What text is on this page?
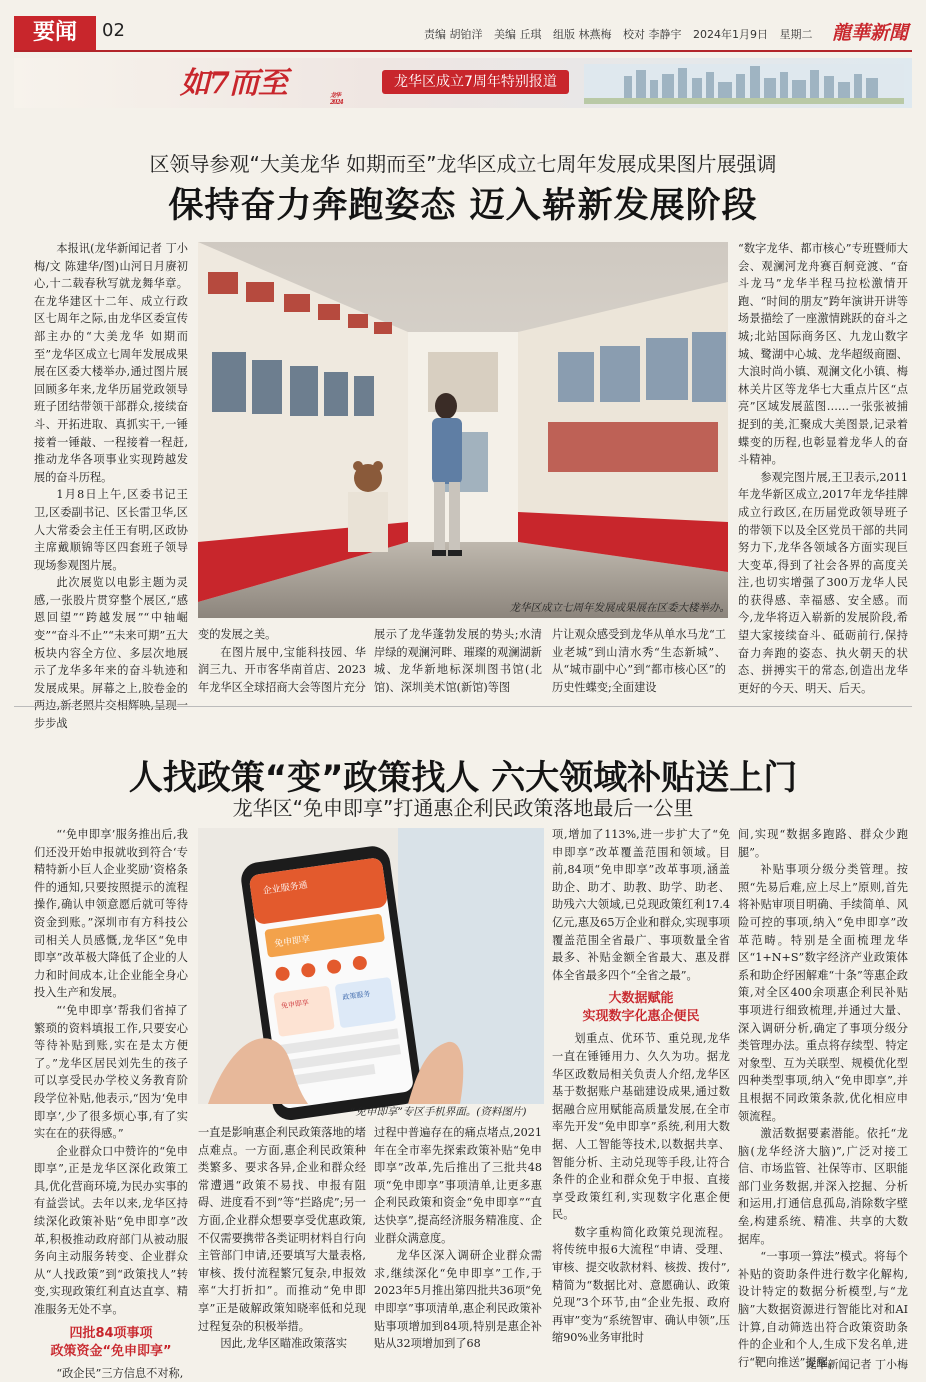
要闻	02	责编 胡铂洋 美编 丘琪 组版 林燕梅 校对 李静宇 2024年1月9日 星期二	龍華新聞
如7而至	龙华2024
龙华区成立7周年特别报道
区领导参观“大美龙华 如期而至”龙华区成立七周年发展成果图片展强调
保持奋力奔跑姿态 迈入崭新发展阶段

本报讯(龙华新闻记者 丁小梅/文 陈建华/图)山河日月赓初心,十二载春秋写就龙舞华章。在龙华建区十二年、成立行政区七周年之际,由龙华区委宣传部主办的“大美龙华 如期而至”龙华区成立七周年发展成果展在区委大楼举办,通过图片展回顾多年来,龙华历届党政领导班子团结带领干部群众,接续奋斗、开拓进取、真抓实干,一锤接着一锤敲、一程接着一程赶,推动龙华各项事业实现跨越发展的奋斗历程。

1月8日上午,区委书记王卫,区委副书记、区长雷卫华,区人大常委会主任王有明,区政协主席戴顺锦等区四套班子领导现场参观图片展。

此次展览以电影主题为灵感,一张股片贯穿整个展区,“感恩回望”“跨越发展”“中轴崛变”“奋斗不止”“未来可期”五大板块内容全方位、多层次地展示了龙华多年来的奋斗轨迹和发展成果。屏幕之上,胶卷金的两边,新老照片交相辉映,呈现一步步战

龙华区成立七周年发展成果展在区委大楼举办。

变的发展之美。

在图片展中,宝能科技园、华润三九、开市客华南首店、2023年龙华区全球招商大会等图片充分

展示了龙华蓬勃发展的势头;水清岸绿的观澜河畔、璀璨的观澜湖新城、龙华新地标深圳图书馆(北馆)、深圳美术馆(新馆)等图

片让观众感受到龙华从单水马龙“工业老城”到山清水秀“生态新城”、从“城市副中心”到“都市核心区”的历史性蝶变;全面建设

“数字龙华、都市核心”专班暨师大会、观澜河龙舟赛百舸竞渡、“奋斗龙马”龙华半程马拉松激情开跑、“时间的朋友”跨年演讲开讲等场景描绘了一座激情跳跃的奋斗之城;北站国际商务区、九龙山数字城、鹭湖中心城、龙华超级商圈、大浪时尚小镇、观澜文化小镇、梅林关片区等龙华七大重点片区“点亮”区域发展蓝图……一张张被捕捉到的美,汇聚成大美图景,记录着蝶变的历程,也彰显着龙华人的奋斗精神。

参观完图片展,王卫表示,2011年龙华新区成立,2017年龙华挂牌成立行政区,在历届党政领导班子的带领下以及全区党员干部的共同努力下,龙华各领域各方面实现巨大变革,得到了社会各界的高度关注,也切实增强了300万龙华人民的获得感、幸福感、安全感。而今,龙华将迈入崭新的发展阶段,希望大家接续奋斗、砥砺前行,保持奋力奔跑的姿态、执火朝天的状态、拼搏实干的常态,创造出龙华更好的今天、明天、后天。

人找政策“变”政策找人 六大领域补贴送上门
龙华区“免申即享”打通惠企利民政策落地最后一公里

“‘免申即享’服务推出后,我们还没开始申报就收到符合‘专精特新小巨人企业奖励’资格条件的通知,只要按照提示的流程操作,确认申领意愿后就可等待资金到账。”深圳市有方科技公司相关人员感慨,龙华区“免申即享”改革极大降低了企业的人力和时间成本,让企业能全身心投入生产和发展。

“‘免申即享’帮我们省掉了繁琐的资料填报工作,只要安心等待补贴到账,实在是太方便了。”龙华区居民刘先生的孩子可以享受民办学校义务教育阶段学位补贴,他表示,“因为‘免申即享’,少了很多烦心事,有了实实在在的获得感。”

企业群众口中赞许的“免申即享”,正是龙华区深化政策工具,优化营商环境,为民办实事的有益尝试。去年以来,龙华区持续深化政策补贴“免申即享”改革,积极推动政府部门从被动服务向主动服务转变、企业群众从“人找政策”到“政策找人”转变,实现政策红利直达直享、精准服务无处不享。

四批84项事项
政策资金“免申即享”

“政企民”三方信息不对称,

企业服务通
免申即享
免申即享
政策服务
“免申即享”专区手机界面。(资料图片)

一直是影响惠企利民政策落地的堵点难点。一方面,惠企利民政策种类繁多、要求各异,企业和群众经常遭遇“政策不易找、申报有阻碍、进度看不到”等“拦路虎”;另一方面,企业群众想要享受优惠政策,不仅需要携带各类证明材料自行向主管部门申请,还要填写大量表格,审核、拨付流程繁冗复杂,申报效率“大打折扣”。而推动“免申即享”正是破解政策知晓率低和兑现过程复杂的积极举措。

因此,龙华区瞄准政策落实

过程中普遍存在的痛点堵点,2021年在全市率先探索政策补贴“免申即享”改革,先后推出了三批共48项“免申即享”事项清单,让更多惠企利民政策和资金“免申即享”“直达快享”,提高经济服务精准度、企业群众满意度。

龙华区深入调研企业群众需求,继续深化“免申即享”工作,于2023年5月推出第四批共36项“免申即享”事项清单,惠企利民政策补贴事项增加到84项,特别是惠企补贴从32项增加到了68

项,增加了113%,进一步扩大了“免申即享”改革覆盖范围和领域。目前,84项“免申即享”改革事项,涵盖助企、助才、助教、助学、助老、助残六大领域,已兑现政策红利17.4亿元,惠及65万企业和群众,实现事项覆盖范围全省最广、事项数量全省最多、补贴金额全省最大、惠及群体全省最多四个“全省之最”。

大数据赋能
实现数字化惠企便民

划重点、优环节、重兑现,龙华一直在锤锤用力、久久为功。据龙华区政数局相关负责人介绍,龙华区基于数据账户基础建设成果,通过数据融合应用赋能高质量发展,在全市率先开发“免申即享”系统,利用大数据、人工智能等技术,以数据共享、智能分析、主动兑现等手段,让符合条件的企业和群众免于申报、直接享受政策红利,实现数字化惠企便民。

数字重构简化政策兑现流程。将传统申报6大流程“申请、受理、审核、提交收款材料、核拨、拨付”,精简为“数据比对、意愿确认、政策兑现”3个环节,由“企业先报、政府再审”变为“系统智审、确认申领”,压缩90%业务审批时

间,实现“数据多跑路、群众少跑腿”。

补贴事项分级分类管理。按照“先易后难,应上尽上”原则,首先将补贴审项目明确、手续简单、风险可控的事项,纳入“免申即享”改革范畴。特别是全面梳理龙华区“1+N+S”数字经济产业政策体系和助企纾困解难“十条”等惠企政策,对全区400余项惠企利民补贴事项进行细致梳理,并通过大量、深入调研分析,确定了事项分级分类管理办法。重点将存续型、特定对象型、互为关联型、规模优化型四种类型事项,纳入“免申即享”,并且根据不同政策条款,优化相应申领流程。

激活数据要素潜能。依托“龙脑(龙华经济大脑)”,广泛对接工信、市场监管、社保等市、区职能部门业务数据,并深入挖掘、分析和运用,打通信息孤岛,消除数字壁垒,构建系统、精准、共享的大数据库。

“一事项一算法”模式。将每个补贴的资助条件进行数字化解构,设计特定的数据分析模型,与“龙脑”大数据资源进行智能比对和AI计算,自动筛选出符合政策资助条件的企业和个人,生成下发名单,进行“靶向推送”提醒。

龙华新闻记者 丁小梅
